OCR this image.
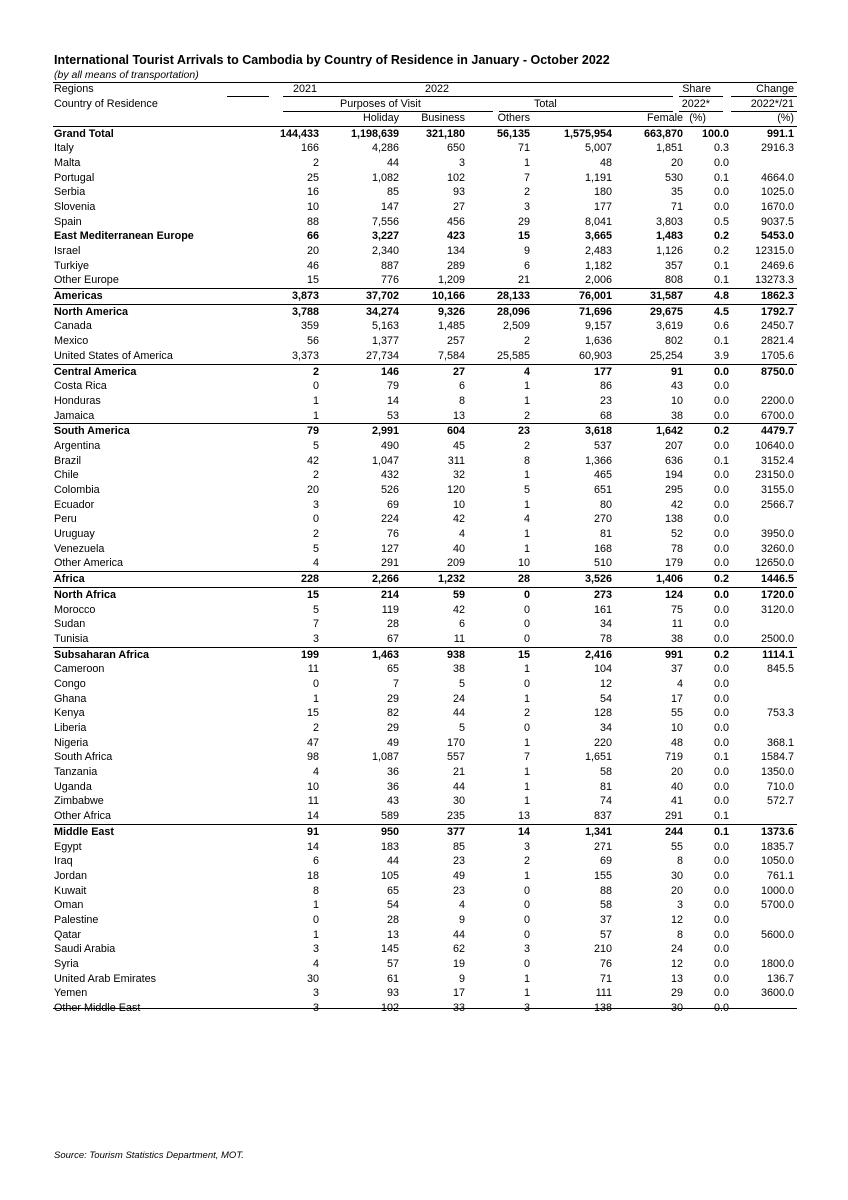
International Tourist Arrivals to Cambodia by Country of Residence in January - October 2022
(by all means of transportation)
Regions	2021	2022	Share	Change
Country of Residence	Purposes of Visit	Total	2022*	2022*/21
Holiday Business	Others	Female (%)	(%)
Grand Total	144,433	1,198,639 321,180	56,135	1,575,954	663,870 100.0	991.1
Italy	166	4,286	650	71	5,007	1,851	0.3	2916.3
Malta	2	44	3	1	48	20	0.0
Portugal	25	1,082	102	7	1,191	530	0.1	4664.0
Serbia	16	85	93	2	180	35	0.0	1025.0
Slovenia	10	147	27	3	177	71	0.0	1670.0
Spain	88	7,556	456	29	8,041	3,803	0.5	9037.5
East Mediterranean Europe	66	3,227	423	15	3,665	1,483	0.2	5453.0
Israel	20	2,340	134	9	2,483	1,126	0.2 12315.0
Turkiye	46	887	289	6	1,182	357	0.1	2469.6
Other Europe	15	776	1,209	21	2,006	808	0.1 13273.3
Americas	3,873	37,702	10,166	28,133	76,001	31,587	4.8	1862.3
North America	3,788	34,274	9,326	28,096	71,696	29,675	4.5	1792.7
Canada	359	5,163	1,485	2,509	9,157	3,619	0.6	2450.7
Mexico	56	1,377	257	2	1,636	802	0.1	2821.4
United States of America	3,373	27,734	7,584	25,585	60,903	25,254	3.9	1705.6
Central America	2	146	27	4	177	91	0.0	8750.0
Costa Rica	0	79	6	1	86	43	0.0
Honduras	1	14	8	1	23	10	0.0	2200.0
Jamaica	1	53	13	2	68	38	0.0	6700.0
South America	79	2,991	604	23	3,618	1,642	0.2	4479.7
Argentina	5	490	45	2	537	207	0.0 10640.0
Brazil	42	1,047	311	8	1,366	636	0.1	3152.4
Chile	2	432	32	1	465	194	0.0 23150.0
Colombia	20	526	120	5	651	295	0.0	3155.0
Ecuador	3	69	10	1	80	42	0.0	2566.7
Peru	0	224	42	4	270	138	0.0
Uruguay	2	76	4	1	81	52	0.0	3950.0
Venezuela	5	127	40	1	168	78	0.0	3260.0
Other America	4	291	209	10	510	179	0.0 12650.0
Africa	228	2,266	1,232	28	3,526	1,406	0.2	1446.5
North Africa	15	214	59	0	273	124	0.0	1720.0
Morocco	5	119	42	0	161	75	0.0	3120.0
Sudan	7	28	6	0	34	11	0.0
Tunisia	3	67	11	0	78	38	0.0	2500.0
Subsaharan Africa	199	1,463	938	15	2,416	991	0.2	1114.1
Cameroon	11	65	38	1	104	37	0.0	845.5
Congo	0	7	5	0	12	4	0.0
Ghana	1	29	24	1	54	17	0.0
Kenya	15	82	44	2	128	55	0.0	753.3
Liberia	2	29	5	0	34	10	0.0
Nigeria	47	49	170	1	220	48	0.0	368.1
South Africa	98	1,087	557	7	1,651	719	0.1	1584.7
Tanzania	4	36	21	1	58	20	0.0	1350.0
Uganda	10	36	44	1	81	40	0.0	710.0
Zimbabwe	11	43	30	1	74	41	0.0	572.7
Other Africa	14	589	235	13	837	291	0.1
Middle East	91	950	377	14	1,341	244	0.1	1373.6
Egypt	14	183	85	3	271	55	0.0	1835.7
Iraq	6	44	23	2	69	8	0.0	1050.0
Jordan	18	105	49	1	155	30	0.0	761.1
Kuwait	8	65	23	0	88	20	0.0	1000.0
Oman	1	54	4	0	58	3	0.0	5700.0
Palestine	0	28	9	0	37	12	0.0
Qatar	1	13	44	0	57	8	0.0	5600.0
Saudi Arabia	3	145	62	3	210	24	0.0
Syria	4	57	19	0	76	12	0.0	1800.0
United Arab Emirates	30	61	9	1	71	13	0.0	136.7
Yemen	3	93	17	1	111	29	0.0	3600.0
Other Middle East	3	102	33	3	138	30	0.0
Source: Tourism Statistics Department, MOT.
